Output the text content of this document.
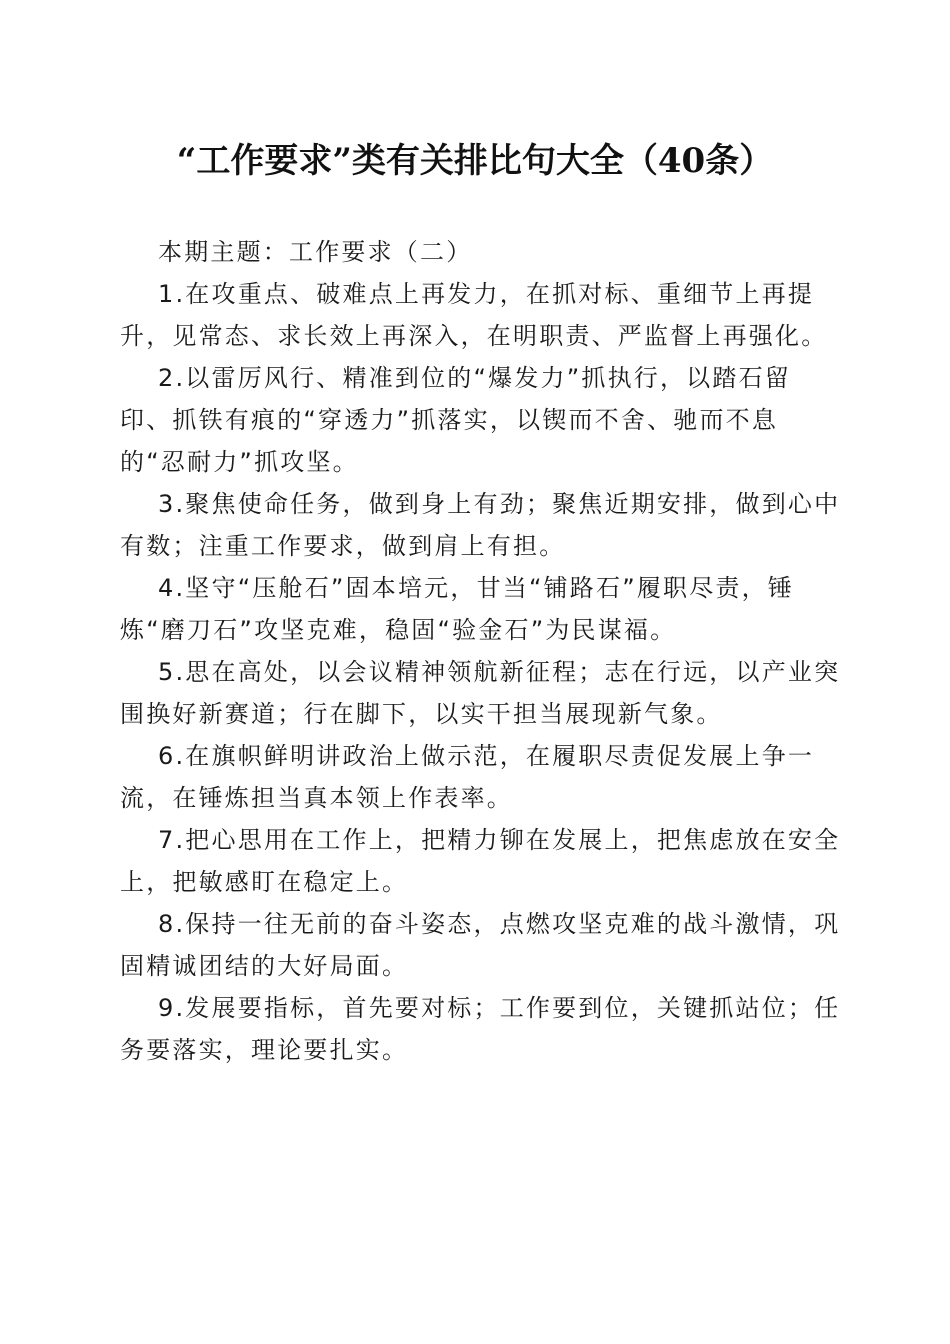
“工作要求”类有关排比句大全（40条）

本期主题：工作要求（二）

1.在攻重点、破难点上再发力，在抓对标、重细节上再提升，见常态、求长效上再深入，在明职责、严监督上再强化。

2.以雷厉风行、精准到位的“爆发力”抓执行，以踏石留印、抓铁有痕的“穿透力”抓落实，以锲而不舍、驰而不息的“忍耐力”抓攻坚。

3.聚焦使命任务，做到身上有劲；聚焦近期安排，做到心中有数；注重工作要求，做到肩上有担。

4.坚守“压舱石”固本培元，甘当“铺路石”履职尽责，锤炼“磨刀石”攻坚克难，稳固“验金石”为民谋福。

5.思在高处，以会议精神领航新征程；志在行远，以产业突围换好新赛道；行在脚下，以实干担当展现新气象。

6.在旗帜鲜明讲政治上做示范，在履职尽责促发展上争一流，在锤炼担当真本领上作表率。

7.把心思用在工作上，把精力铆在发展上，把焦虑放在安全上，把敏感盯在稳定上。

8.保持一往无前的奋斗姿态，点燃攻坚克难的战斗激情，巩固精诚团结的大好局面。

9.发展要指标，首先要对标；工作要到位，关键抓站位；任务要落实，理论要扎实。
